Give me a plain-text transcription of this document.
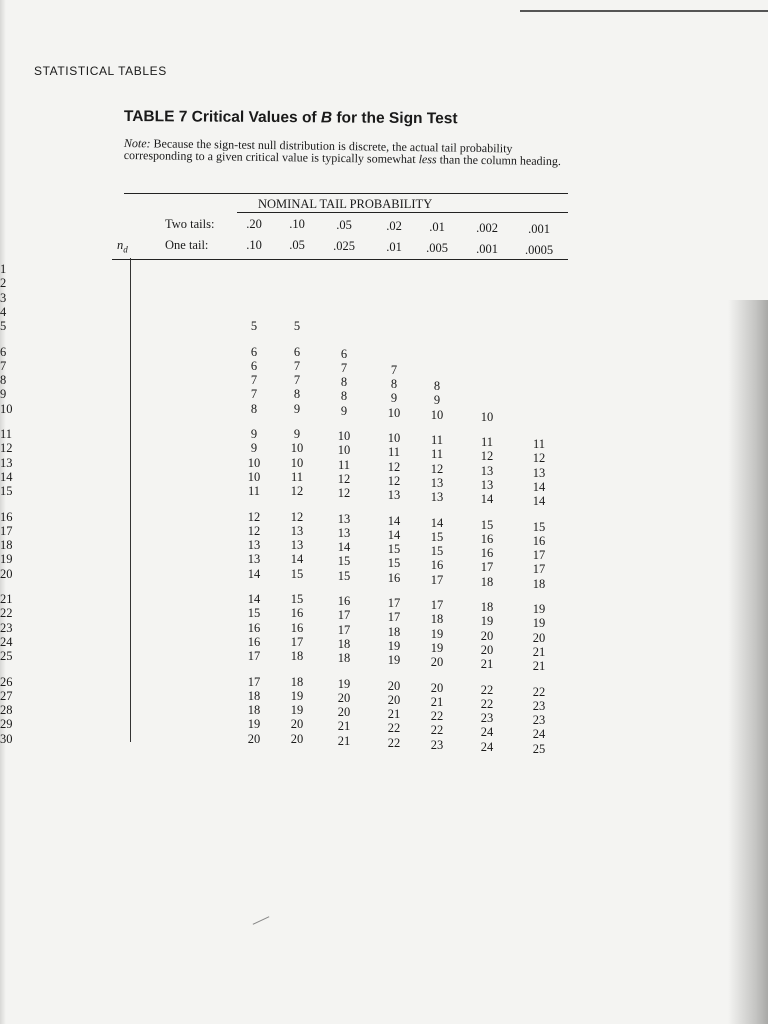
STATISTICAL TABLES
TABLE 7 Critical Values of B for the Sign Test
Note: Because the sign-test null distribution is discrete, the actual tail probability corresponding to a given critical value is typically somewhat less than the column heading.
NOMINAL TAIL PROBABILITY
Two tails:
One tail:
$n_d$
.20	.10	.05	.02	.01	.002	.001
.10	.05	.025	.01	.005	.001	.0005
1
2
3
4
5	5	5
6	6	6	6
7	6	7	7	7
8	7	7	8	8	8
9	7	8	8	9	9
10	8	9	9	10	10	10
11	9	9	10	10	11	11	11
12	9	10	10	11	11	12	12
13	10	10	11	12	12	13	13
14	10	11	12	12	13	13	14
15	11	12	12	13	13	14	14
16	12	12	13	14	14	15	15
17	12	13	13	14	15	16	16
18	13	13	14	15	15	16	17
19	13	14	15	15	16	17	17
20	14	15	15	16	17	18	18
21	14	15	16	17	17	18	19
22	15	16	17	17	18	19	19
23	16	16	17	18	19	20	20
24	16	17	18	19	19	20	21
25	17	18	18	19	20	21	21
26	17	18	19	20	20	22	22
27	18	19	20	20	21	22	23
28	18	19	20	21	22	23	23
29	19	20	21	22	22	24	24
30	20	20	21	22	23	24	25
